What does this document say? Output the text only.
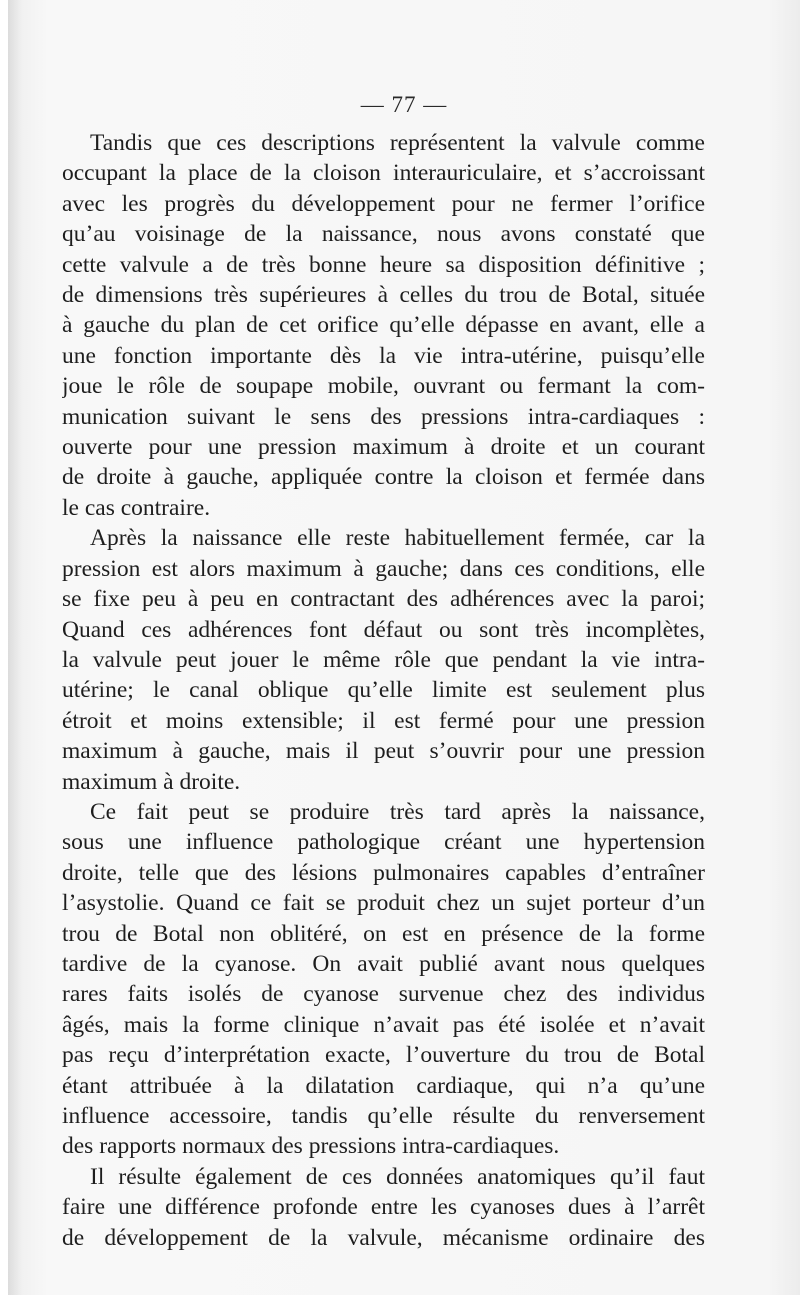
— 77 —

Tandis que ces descriptions représentent la valvule comme
occupant la place de la cloison interauriculaire, et s’accroissant
avec les progrès du développement pour ne fermer l’orifice
qu’au voisinage de la naissance, nous avons constaté que
cette valvule a de très bonne heure sa disposition définitive ;
de dimensions très supérieures à celles du trou de Botal, située
à gauche du plan de cet orifice qu’elle dépasse en avant, elle a
une fonction importante dès la vie intra-utérine, puisqu’elle
joue le rôle de soupape mobile, ouvrant ou fermant la com-
munication suivant le sens des pressions intra-cardiaques :
ouverte pour une pression maximum à droite et un courant
de droite à gauche, appliquée contre la cloison et fermée dans
le cas contraire.

Après la naissance elle reste habituellement fermée, car la
pression est alors maximum à gauche; dans ces conditions, elle
se fixe peu à peu en contractant des adhérences avec la paroi;
Quand ces adhérences font défaut ou sont très incomplètes,
la valvule peut jouer le même rôle que pendant la vie intra-
utérine; le canal oblique qu’elle limite est seulement plus
étroit et moins extensible; il est fermé pour une pression
maximum à gauche, mais il peut s’ouvrir pour une pression
maximum à droite.

Ce fait peut se produire très tard après la naissance,
sous une influence pathologique créant une hypertension
droite, telle que des lésions pulmonaires capables d’entraîner
l’asystolie. Quand ce fait se produit chez un sujet porteur d’un
trou de Botal non oblitéré, on est en présence de la forme
tardive de la cyanose. On avait publié avant nous quelques
rares faits isolés de cyanose survenue chez des individus
âgés, mais la forme clinique n’avait pas été isolée et n’avait
pas reçu d’interprétation exacte, l’ouverture du trou de Botal
étant attribuée à la dilatation cardiaque, qui n’a qu’une
influence accessoire, tandis qu’elle résulte du renversement
des rapports normaux des pressions intra-cardiaques.

Il résulte également de ces données anatomiques qu’il faut
faire une différence profonde entre les cyanoses dues à l’arrêt
de développement de la valvule, mécanisme ordinaire des
